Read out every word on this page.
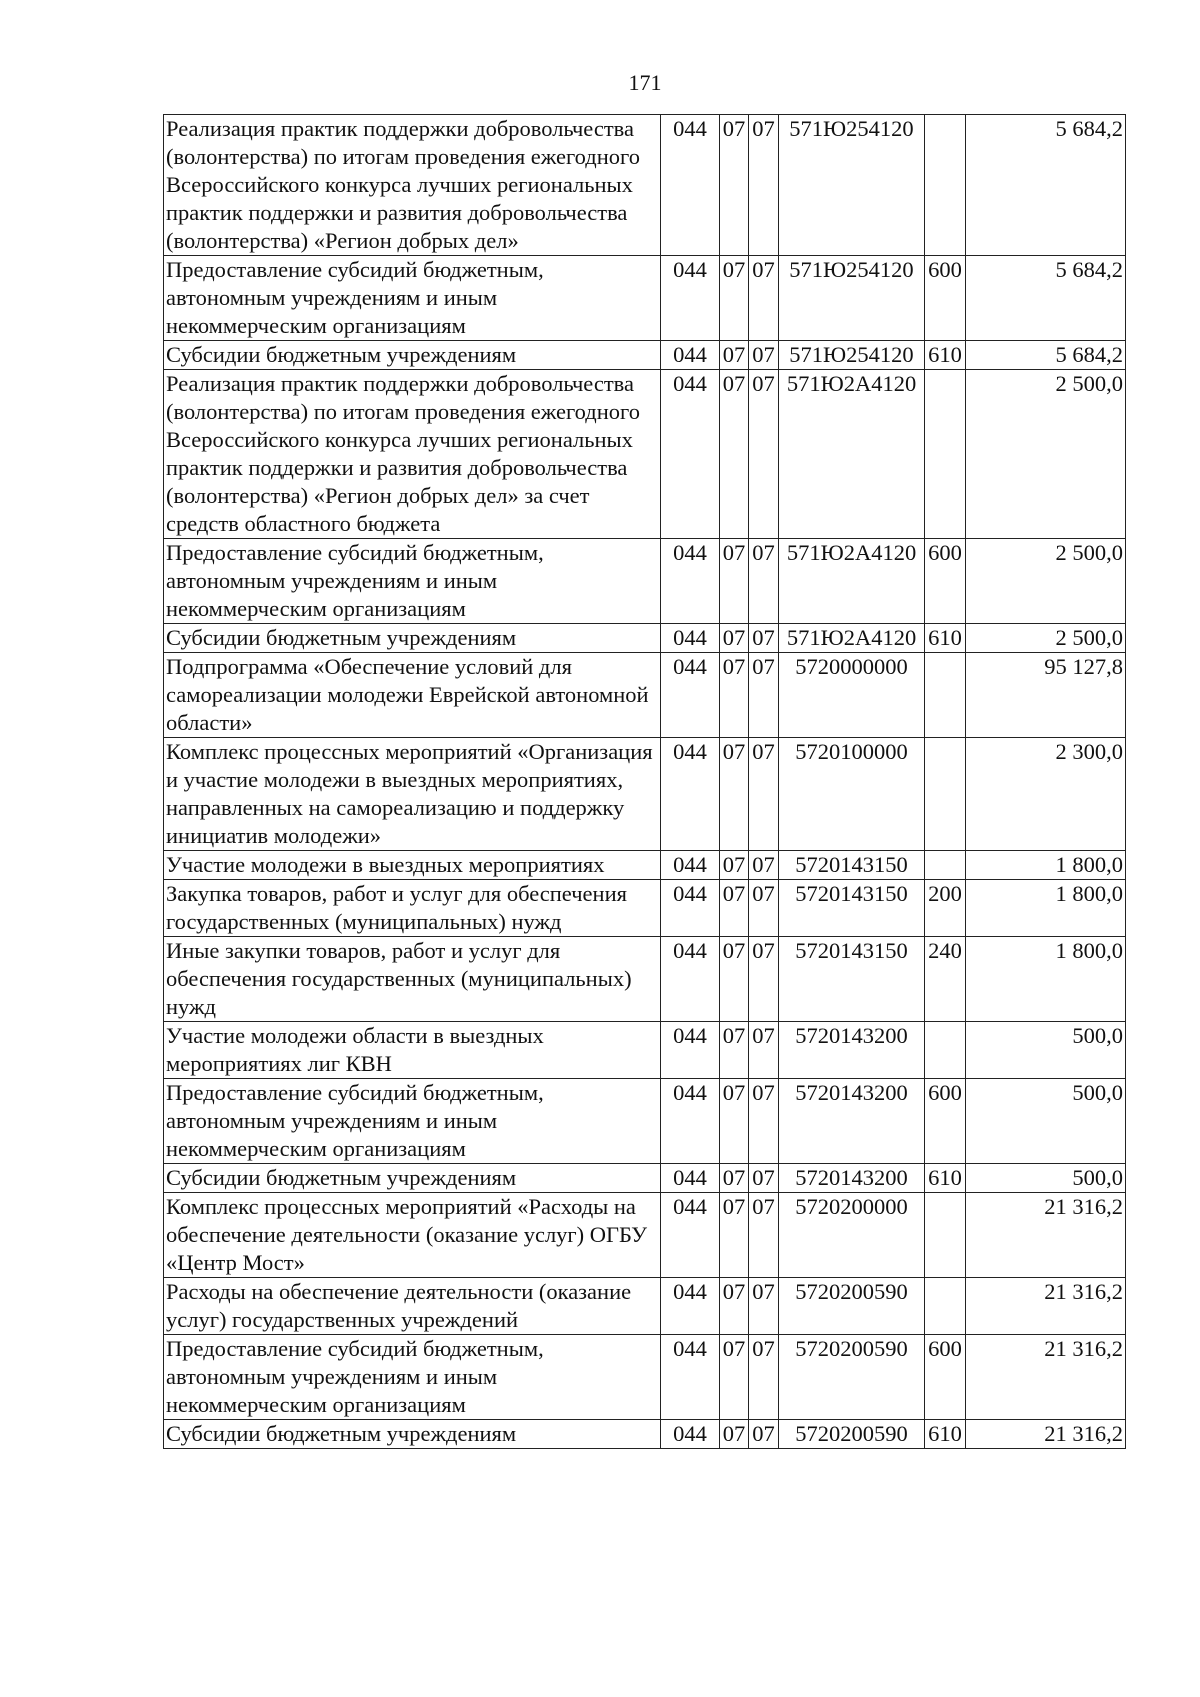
171
Реализация практик поддержки добровольчества (волонтерства) по итогам проведения ежегодного Всероссийского конкурса лучших региональных практик поддержки и развития добровольчества (волонтерства) «Регион добрых дел»	044	07	07	571Ю254120		5 684,2
Предоставление субсидий бюджетным, автономным учреждениям и иным некоммерческим организациям	044	07	07	571Ю254120	600	5 684,2
Субсидии бюджетным учреждениям	044	07	07	571Ю254120	610	5 684,2
Реализация практик поддержки добровольчества (волонтерства) по итогам проведения ежегодного Всероссийского конкурса лучших региональных практик поддержки и развития добровольчества (волонтерства) «Регион добрых дел» за счет средств областного бюджета	044	07	07	571Ю2А4120		2 500,0
Предоставление субсидий бюджетным, автономным учреждениям и иным некоммерческим организациям	044	07	07	571Ю2А4120	600	2 500,0
Субсидии бюджетным учреждениям	044	07	07	571Ю2А4120	610	2 500,0
Подпрограмма «Обеспечение условий для самореализации молодежи Еврейской автономной области»	044	07	07	5720000000		95 127,8
Комплекс процессных мероприятий «Организация и участие молодежи в выездных мероприятиях, направленных на самореализацию и поддержку инициатив молодежи»	044	07	07	5720100000		2 300,0
Участие молодежи в выездных мероприятиях	044	07	07	5720143150		1 800,0
Закупка товаров, работ и услуг для обеспечения государственных (муниципальных) нужд	044	07	07	5720143150	200	1 800,0
Иные закупки товаров, работ и услуг для обеспечения государственных (муниципальных) нужд	044	07	07	5720143150	240	1 800,0
Участие молодежи области в выездных мероприятиях лиг КВН	044	07	07	5720143200		500,0
Предоставление субсидий бюджетным, автономным учреждениям и иным некоммерческим организациям	044	07	07	5720143200	600	500,0
Субсидии бюджетным учреждениям	044	07	07	5720143200	610	500,0
Комплекс процессных мероприятий «Расходы на обеспечение деятельности (оказание услуг) ОГБУ «Центр Мост»	044	07	07	5720200000		21 316,2
Расходы на обеспечение деятельности (оказание услуг) государственных учреждений	044	07	07	5720200590		21 316,2
Предоставление субсидий бюджетным, автономным учреждениям и иным некоммерческим организациям	044	07	07	5720200590	600	21 316,2
Субсидии бюджетным учреждениям	044	07	07	5720200590	610	21 316,2
